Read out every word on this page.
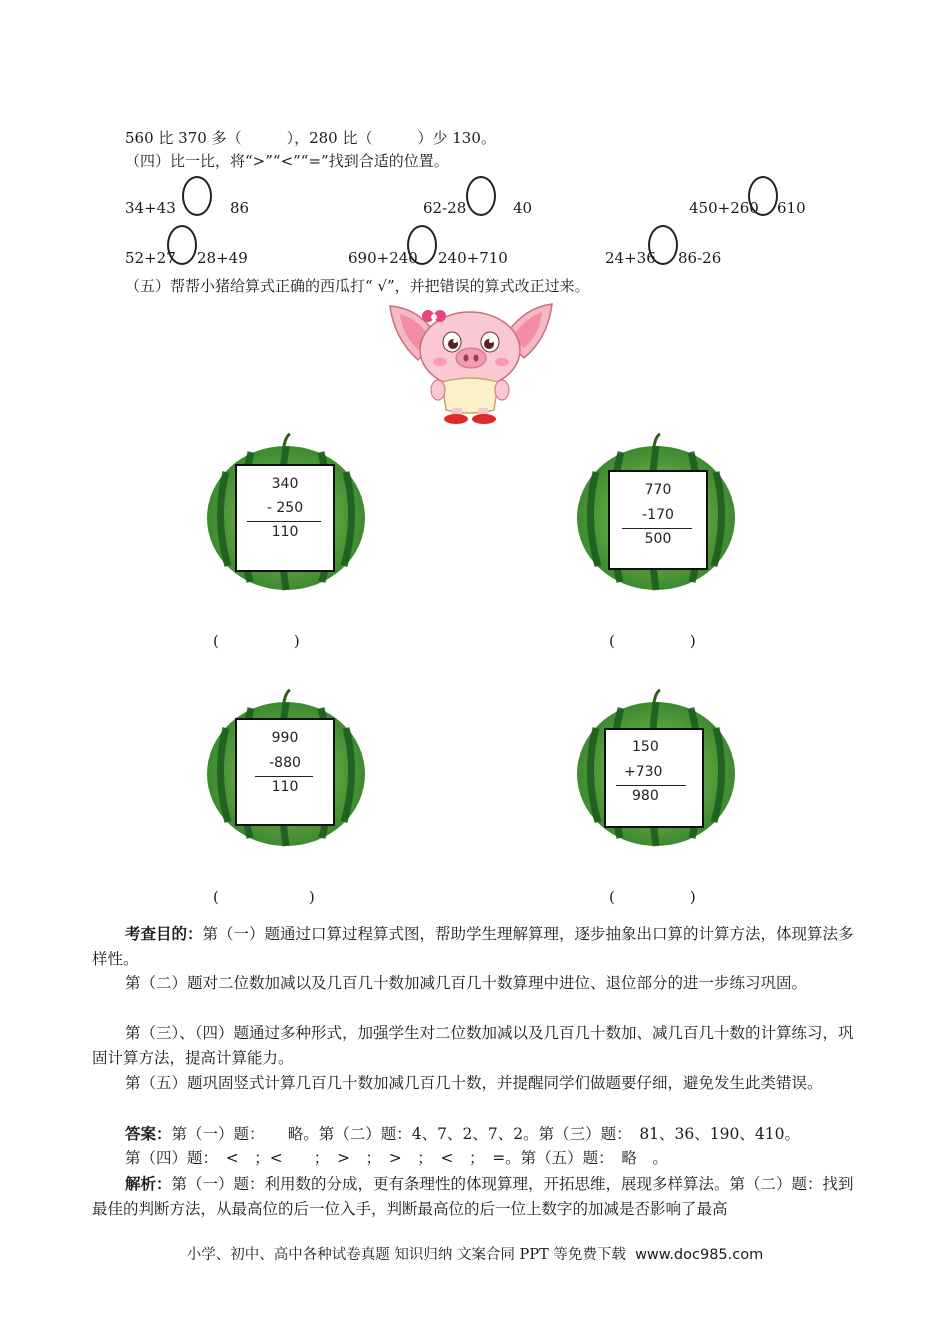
560 比 370 多（　　　），280 比（　　　）少 130。
（四）比一比，将“>”“<”“=”找到合适的位置。
34+43	86	62-28	40	450+260 610
52+27 28+49	690+240 240+710	24+36 86-26
（五）帮帮小猪给算式正确的西瓜打“ √”，并把错误的算式改正过来。
340
- 250
110
(　　　　　)
770
-170
500
(　　　　　)
990
-880
110
(　　　　　　)
150
+730
980
(　　　　　)
考查目的：第（一）题通过口算过程算式图，帮助学生理解算理，逐步抽象出口算的计算方法，体现算法多样性。
第（二）题对二位数加减以及几百几十数加减几百几十数算理中进位、退位部分的进一步练习巩固。
第（三）、（四）题通过多种形式，加强学生对二位数加减以及几百几十数加、减几百几十数的计算练习，巩固计算方法，提高计算能力。
第（五）题巩固竖式计算几百几十数加减几百几十数，并提醒同学们做题要仔细，避免发生此类错误。
答案：第（一）题：　　略。第（二）题：4、7、2、7、2。第（三）题：　81、36、190、410。
第（四）题：　<　；<　　；　>　；　>　；　<　；　=。第（五）题：　略　。
解析：第（一）题：利用数的分成，更有条理性的体现算理，开拓思维，展现多样算法。第（二）题：找到最佳的判断方法，从最高位的后一位入手，判断最高位的后一位上数字的加减是否影响了最高
小学、初中、高中各种试卷真题 知识归纳 文案合同 PPT 等免费下载 www.doc985.com
